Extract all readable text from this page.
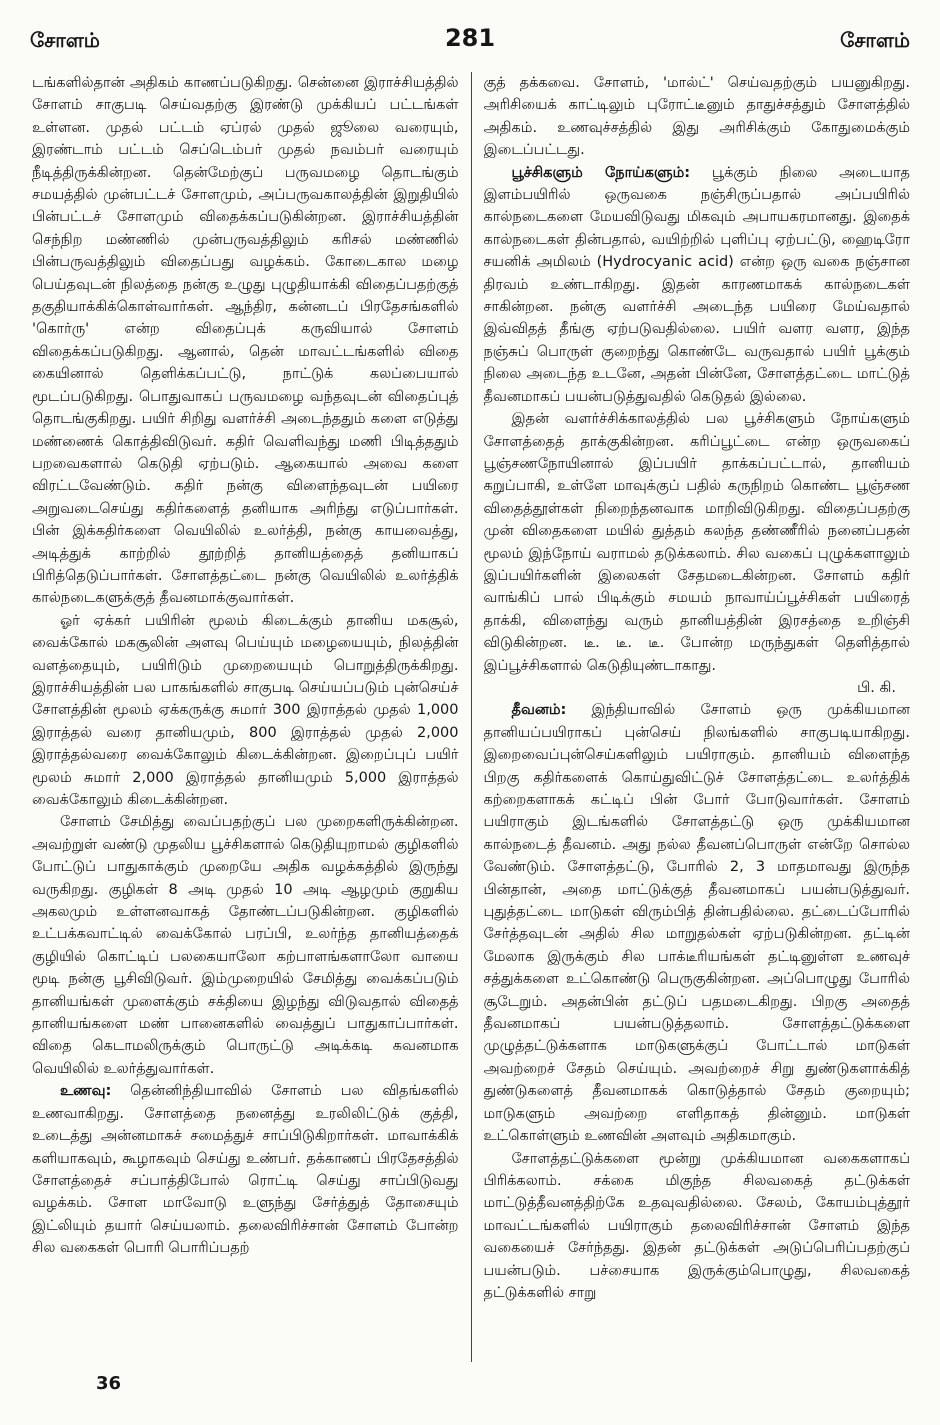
சோளம்	281	சோளம்

டங்களில்தான் அதிகம் காணப்படுகிறது. சென்னை இராச்சியத்தில் சோளம் சாகுபடி செய்வதற்கு இரண்டு முக்கியப் பட்டங்கள் உள்ளன. முதல் பட்டம் ஏப்ரல் முதல் ஜூலை வரையும், இரண்டாம் பட்டம் செப்டெம்பர் முதல் நவம்பர் வரையும் நீடித்திருக்கின்றன. தென்மேற்குப் பருவமழை தொடங்கும் சமயத்தில் முன்பட்டச் சோளமும், அப்பருவகாலத்தின் இறுதியில் பின்பட்டச் சோளமும் விதைக்கப்படுகின்றன. இராச்சியத்தின் செந்நிற மண்ணில் முன்பருவத்திலும் கரிசல் மண்ணில் பின்பருவத்திலும் விதைப்பது வழக்கம். கோடைகால மழை பெய்தவுடன் நிலத்தை நன்கு உழுது புழுதியாக்கி விதைப்பதற்குத் தகுதியாக்கிக்கொள்வார்கள். ஆந்திர, கன்னடப் பிரதேசங்களில் 'கொர்ரு' என்ற விதைப்புக் கருவியால் சோளம் விதைக்கப்படுகிறது. ஆனால், தென் மாவட்டங்களில் விதை கையினால் தெளிக்கப்பட்டு, நாட்டுக் கலப்பையால் மூடப்படுகிறது. பொதுவாகப் பருவமழை வந்தவுடன் விதைப்புத் தொடங்குகிறது. பயிர் சிறிது வளர்ச்சி அடைந்ததும் களை எடுத்து மண்ணைக் கொத்திவிடுவர். கதிர் வெளிவந்து மணி பிடித்ததும் பறவைகளால் கெடுதி ஏற்படும். ஆகையால் அவை களை விரட்டவேண்டும். கதிர் நன்கு விளைந்தவுடன் பயிரை அறுவடைசெய்து கதிர்களைத் தனியாக அரிந்து எடுப்பார்கள். பின் இக்கதிர்களை வெயிலில் உலர்த்தி, நன்கு காயவைத்து, அடித்துக் காற்றில் தூற்றித் தானியத்தைத் தனியாகப் பிரித்தெடுப்பார்கள். சோளத்தட்டை நன்கு வெயிலில் உலர்த்திக் கால்நடைகளுக்குத் தீவனமாக்குவார்கள்.

ஓர் ஏக்கர் பயிரின் மூலம் கிடைக்கும் தானிய மகசூல், வைக்கோல் மகசூலின் அளவு பெய்யும் மழையையும், நிலத்தின் வளத்தையும், பயிரிடும் முறையையும் பொறுத்திருக்கிறது. இராச்சியத்தின் பல பாகங்களில் சாகுபடி செய்யப்படும் புன்செய்ச் சோளத்தின் மூலம் ஏக்கருக்கு சுமார் 300 இராத்தல் முதல் 1,000 இராத்தல் வரை தானியமும், 800 இராத்தல் முதல் 2,000 இராத்தல்வரை வைக்கோலும் கிடைக்கின்றன. இறைப்புப் பயிர் மூலம் சுமார் 2,000 இராத்தல் தானியமும் 5,000 இராத்தல் வைக்கோலும் கிடைக்கின்றன.

சோளம் சேமித்து வைப்பதற்குப் பல முறைகளிருக்கின்றன. அவற்றுள் வண்டு முதலிய பூச்சிகளால் கெடுதியுறாமல் குழிகளில் போட்டுப் பாதுகாக்கும் முறையே அதிக வழக்கத்தில் இருந்து வருகிறது. குழிகள் 8 அடி முதல் 10 அடி ஆழமும் குறுகிய அகலமும் உள்ளனவாகத் தோண்டப்படுகின்றன. குழிகளில் உட்பக்கவாட்டில் வைக்கோல் பரப்பி, உலர்ந்த தானியத்தைக் குழியில் கொட்டிப் பலகையாலோ கற்பாளங்களாலோ வாயை மூடி நன்கு பூசிவிடுவர். இம்முறையில் சேமித்து வைக்கப்படும் தானியங்கள் முளைக்கும் சக்தியை இழந்து விடுவதால் விதைத் தானியங்களை மண் பானைகளில் வைத்துப் பாதுகாப்பார்கள். விதை கெடாமலிருக்கும் பொருட்டு அடிக்கடி கவனமாக வெயிலில் உலர்த்துவார்கள்.

உணவு: தென்னிந்தியாவில் சோளம் பல விதங்களில் உணவாகிறது. சோளத்தை நனைத்து உரலிலிட்டுக் குத்தி, உடைத்து அன்னமாகச் சமைத்துச் சாப்பிடுகிறார்கள். மாவாக்கிக் களியாகவும், கூழாகவும் செய்து உண்பர். தக்காணப் பிரதேசத்தில் சோளத்தைச் சப்பாத்திபோல் ரொட்டி செய்து சாப்பிடுவது வழக்கம். சோள மாவோடு உளுந்து சேர்த்துத் தோசையும் இட்லியும் தயார் செய்யலாம். தலைவிரிச்சான் சோளம் போன்ற சில வகைகள் பொரி பொரிப்பதற்

குத் தக்கவை. சோளம், 'மால்ட்' செய்வதற்கும் பயனுகிறது. அரிசியைக் காட்டிலும் புரோட்டீனும் தாதுச்சத்தும் சோளத்தில் அதிகம். உணவுச்சத்தில் இது அரிசிக்கும் கோதுமைக்கும் இடைப்பட்டது.

பூச்சிகளும் நோய்களும்: பூக்கும் நிலை அடையாத இளம்பயிரில் ஒருவகை நஞ்சிருப்பதால் அப்பயிரில் கால்நடைகளை மேயவிடுவது மிகவும் அபாயகரமானது. இதைக் கால்நடைகள் தின்பதால், வயிற்றில் புளிப்பு ஏற்பட்டு, ஹைடிரோ சயனிக் அமிலம் (Hydrocyanic acid) என்ற ஒரு வகை நஞ்சான திரவம் உண்டாகிறது. இதன் காரணமாகக் கால்நடைகள் சாகின்றன. நன்கு வளர்ச்சி அடைந்த பயிரை மேய்வதால் இவ்விதத் தீங்கு ஏற்படுவதில்லை. பயிர் வளர வளர, இந்த நஞ்சுப் பொருள் குறைந்து கொண்டே வருவதால் பயிர் பூக்கும் நிலை அடைந்த உடனே, அதன் பின்னே, சோளத்தட்டை மாட்டுத் தீவனமாகப் பயன்படுத்துவதில் கெடுதல் இல்லை.

இதன் வளர்ச்சிக்காலத்தில் பல பூச்சிகளும் நோய்களும் சோளத்தைத் தாக்குகின்றன. கரிப்பூட்டை என்ற ஒருவகைப் பூஞ்சணநோயினால் இப்பயிர் தாக்கப்பட்டால், தானியம் கறுப்பாகி, உள்ளே மாவுக்குப் பதில் கருநிறம் கொண்ட பூஞ்சண விதைத்தூள்கள் நிறைந்தனவாக மாறிவிடுகிறது. விதைப்பதற்கு முன் விதைகளை மயில் துத்தம் கலந்த தண்ணீரில் நனைப்பதன் மூலம் இந்நோய் வராமல் தடுக்கலாம். சில வகைப் புழுக்களாலும் இப்பயிர்களின் இலைகள் சேதமடைகின்றன. சோளம் கதிர் வாங்கிப் பால் பிடிக்கும் சமயம் நாவாய்ப்பூச்சிகள் பயிரைத் தாக்கி, விளைந்து வரும் தானியத்தின் இரசத்தை உறிஞ்சி விடுகின்றன. டீ. டீ. டீ. போன்ற மருந்துகள் தெளித்தால் இப்பூச்சிகளால் கெடுதியுண்டாகாது.

பி. கி.

தீவனம்: இந்தியாவில் சோளம் ஒரு முக்கியமான தானியப்பயிராகப் புன்செய் நிலங்களில் சாகுபடியாகிறது. இறைவைப்புன்செய்களிலும் பயிராகும். தானியம் விளைந்த பிறகு கதிர்களைக் கொய்துவிட்டுச் சோளத்தட்டை உலர்த்திக் கற்றைகளாகக் கட்டிப் பின் போர் போடுவார்கள். சோளம் பயிராகும் இடங்களில் சோளத்தட்டு ஒரு முக்கியமான கால்நடைத் தீவனம். அது நல்ல தீவனப்பொருள் என்றே சொல்ல வேண்டும். சோளத்தட்டு, போரில் 2, 3 மாதமாவது இருந்த பின்தான், அதை மாட்டுக்குத் தீவனமாகப் பயன்படுத்துவர். புதுத்தட்டை மாடுகள் விரும்பித் தின்பதில்லை. தட்டைப்போரில் சேர்த்தவுடன் அதில் சில மாறுதல்கள் ஏற்படுகின்றன. தட்டின் மேலாக இருக்கும் சில பாக்டீரியங்கள் தட்டினுள்ள உணவுச் சத்துக்களை உட்கொண்டு பெருகுகின்றன. அப்பொழுது போரில் சூடேறும். அதன்பின் தட்டுப் பதமடைகிறது. பிறகு அதைத் தீவனமாகப் பயன்படுத்தலாம். சோளத்தட்டுக்களை முழுத்தட்டுக்களாக மாடுகளுக்குப் போட்டால் மாடுகள் அவற்றைச் சேதம் செய்யும். அவற்றைச் சிறு துண்டுகளாக்கித் துண்டுகளைத் தீவனமாகக் கொடுத்தால் சேதம் குறையும்; மாடுகளும் அவற்றை எளிதாகத் தின்னும். மாடுகள் உட்கொள்ளும் உணவின் அளவும் அதிகமாகும்.

சோளத்தட்டுக்களை மூன்று முக்கியமான வகைகளாகப் பிரிக்கலாம். சக்கை மிகுந்த சிலவகைத் தட்டுக்கள் மாட்டுத்தீவனத்திற்கே உதவுவதில்லை. சேலம், கோயம்புத்தூர் மாவட்டங்களில் பயிராகும் தலைவிரிச்சான் சோளம் இந்த வகையைச் சேர்ந்தது. இதன் தட்டுக்கள் அடுப்பெரிப்பதற்குப் பயன்படும். பச்சையாக இருக்கும்பொழுது, சிலவகைத் தட்டுக்களில் சாறு

36
